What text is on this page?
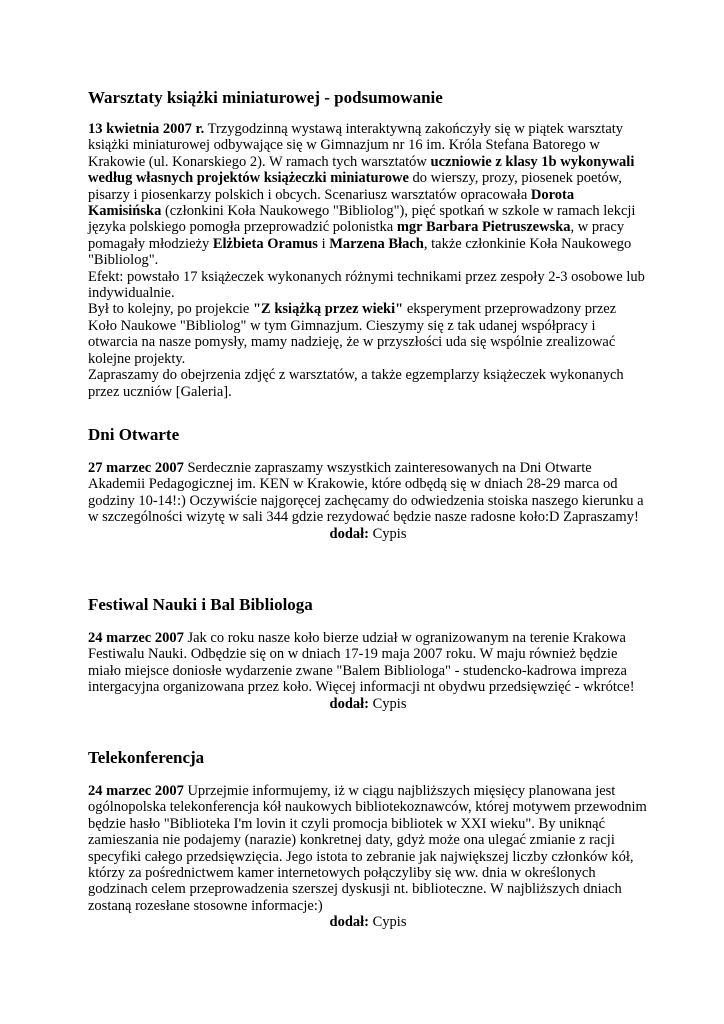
Warsztaty książki miniaturowej - podsumowanie

13 kwietnia 2007 r. Trzygodzinną wystawą interaktywną zakończyły się w piątek warsztaty książki miniaturowej odbywające się w Gimnazjum nr 16 im. Króla Stefana Batorego w Krakowie (ul. Konarskiego 2). W ramach tych warsztatów uczniowie z klasy 1b wykonywali według własnych projektów książeczki miniaturowe do wierszy, prozy, piosenek poetów, pisarzy i piosenkarzy polskich i obcych. Scenariusz warsztatów opracowała Dorota Kamisińska (członkini Koła Naukowego "Bibliolog"), pięć spotkań w szkole w ramach lekcji języka polskiego pomogła przeprowadzić polonistka mgr Barbara Pietruszewska, w pracy pomagały młodzieży Elżbieta Oramus i Marzena Błach, także członkinie Koła Naukowego "Bibliolog".

Efekt: powstało 17 książeczek wykonanych różnymi technikami przez zespoły 2-3 osobowe lub indywidualnie.

Był to kolejny, po projekcie "Z książką przez wieki" eksperyment przeprowadzony przez Koło Naukowe "Bibliolog" w tym Gimnazjum. Cieszymy się z tak udanej współpracy i otwarcia na nasze pomysły, mamy nadzieję, że w przyszłości uda się wspólnie zrealizować kolejne projekty.

Zapraszamy do obejrzenia zdjęć z warsztatów, a także egzemplarzy książeczek wykonanych przez uczniów [Galeria].

Dni Otwarte

27 marzec 2007 Serdecznie zapraszamy wszystkich zainteresowanych na Dni Otwarte Akademii Pedagogicznej im. KEN w Krakowie, które odbędą się w dniach 28-29 marca od godziny 10-14!:) Oczywiście najgoręcej zachęcamy do odwiedzenia stoiska naszego kierunku a w szczególności wizytę w sali 344 gdzie rezydować będzie nasze radosne koło:D Zapraszamy!

dodał: Cypis

Festiwal Nauki i Bal Bibliologa

24 marzec 2007 Jak co roku nasze koło bierze udział w ogranizowanym na terenie Krakowa Festiwalu Nauki. Odbędzie się on w dniach 17-19 maja 2007 roku. W maju również będzie miało miejsce doniosłe wydarzenie zwane "Balem Bibliologa" - studencko-kadrowa impreza intergacyjna organizowana przez koło. Więcej informacji nt obydwu przedsięwzięć - wkrótce!

dodał: Cypis

Telekonferencja

24 marzec 2007 Uprzejmie informujemy, iż w ciągu najbliższych mięsięcy planowana jest ogólnopolska telekonferencja kół naukowych bibliotekoznawców, której motywem przewodnim będzie hasło "Biblioteka I'm lovin it czyli promocja bibliotek w XXI wieku". By uniknąć zamieszania nie podajemy (narazie) konkretnej daty, gdyż może ona ulegać zmianie z racji specyfiki całego przedsięwzięcia. Jego istota to zebranie jak największej liczby członków kół, którzy za pośrednictwem kamer internetowych połączyliby się ww. dnia w określonych godzinach celem przeprowadzenia szerszej dyskusji nt. biblioteczne. W najbliższych dniach zostaną rozesłane stosowne informacje:)

dodał: Cypis
